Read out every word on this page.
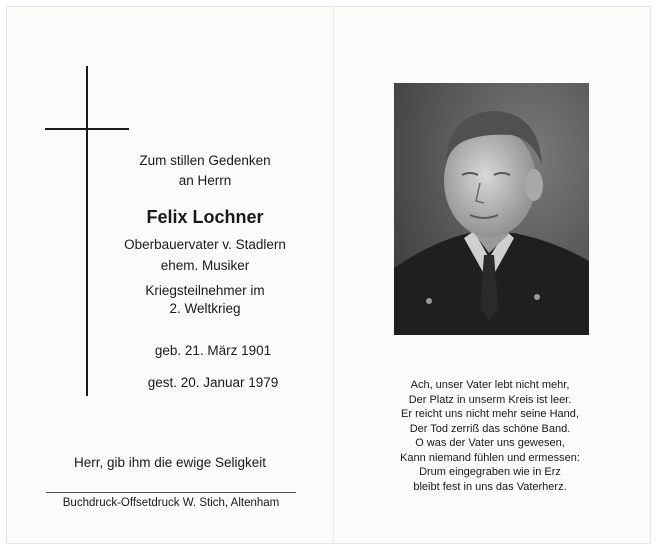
Zum stillen Gedenken

an Herrn

Felix Lochner

Oberbauervater v. Stadlern

ehem. Musiker

Kriegsteilnehmer im

2. Weltkrieg

geb. 21. März 1901

gest. 20. Januar 1979

Herr, gib ihm die ewige Seligkeit

Buchdruck-Offsetdruck W. Stich, Altenham

Ach, unser Vater lebt nicht mehr,
Der Platz in unserm Kreis ist leer.
Er reicht uns nicht mehr seine Hand,
Der Tod zerriß das schöne Band.
O was der Vater uns gewesen,
Kann niemand fühlen und ermessen:
Drum eingegraben wie in Erz
bleibt fest in uns das Vaterherz.
